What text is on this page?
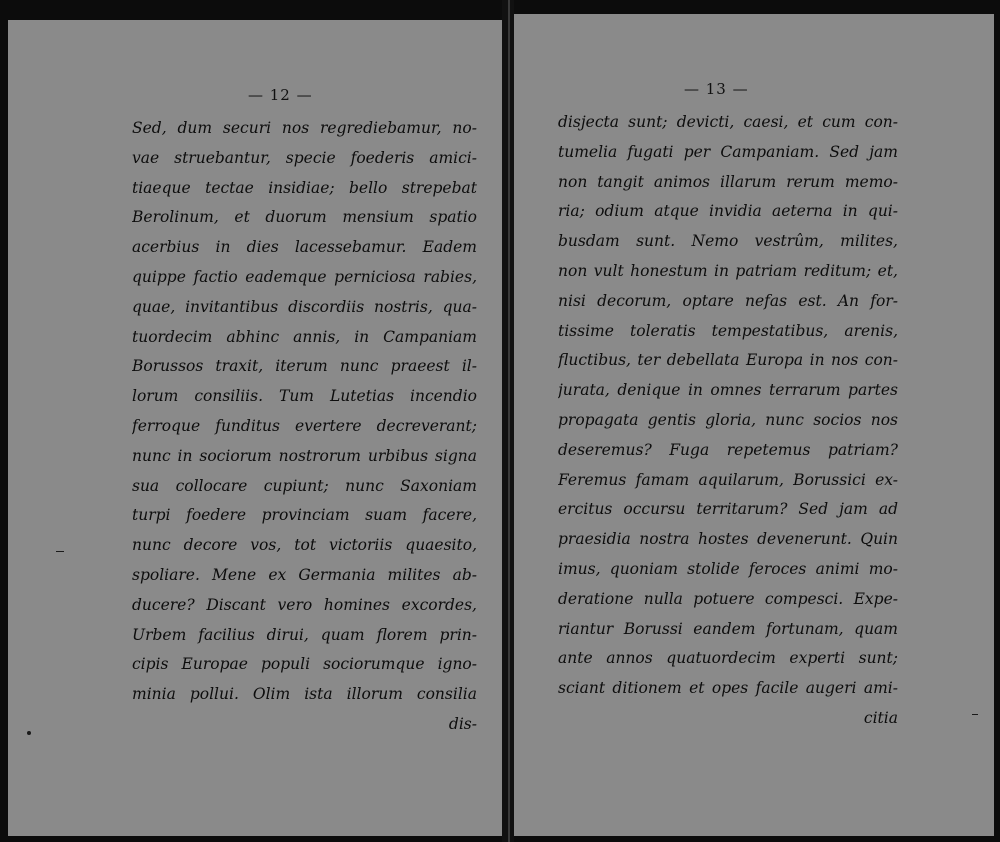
— 12 —
Sed, dum securi nos regrediebamur, no-
vae struebantur, specie foederis amici-
tiaeque tectae insidiae; bello strepebat
Berolinum, et duorum mensium spatio
acerbius in dies lacessebamur. Eadem
quippe factio eademque perniciosa rabies,
quae, invitantibus discordiis nostris, qua-
tuordecim abhinc annis, in Campaniam
Borussos traxit, iterum nunc praeest il-
lorum consiliis. Tum Lutetias incendio
ferroque funditus evertere decreverant;
nunc in sociorum nostrorum urbibus signa
sua collocare cupiunt; nunc Saxoniam
turpi foedere provinciam suam facere,
nunc decore vos, tot victoriis quaesito,
spoliare. Mene ex Germania milites ab-
ducere? Discant vero homines excordes,
Urbem facilius dirui, quam florem prin-
cipis Europae populi sociorumque igno-
minia pollui. Olim ista illorum consilia
dis-
— 13 —
disjecta sunt; devicti, caesi, et cum con-
tumelia fugati per Campaniam. Sed jam
non tangit animos illarum rerum memo-
ria; odium atque invidia aeterna in qui-
busdam sunt. Nemo vestrûm, milites,
non vult honestum in patriam reditum; et,
nisi decorum, optare nefas est. An for-
tissime toleratis tempestatibus, arenis,
fluctibus, ter debellata Europa in nos con-
jurata, denique in omnes terrarum partes
propagata gentis gloria, nunc socios nos
deseremus? Fuga repetemus patriam?
Feremus famam aquilarum, Borussici ex-
ercitus occursu territarum? Sed jam ad
praesidia nostra hostes devenerunt. Quin
imus, quoniam stolide feroces animi mo-
deratione nulla potuere compesci. Expe-
riantur Borussi eandem fortunam, quam
ante annos quatuordecim experti sunt;
sciant ditionem et opes facile augeri ami-
citia
